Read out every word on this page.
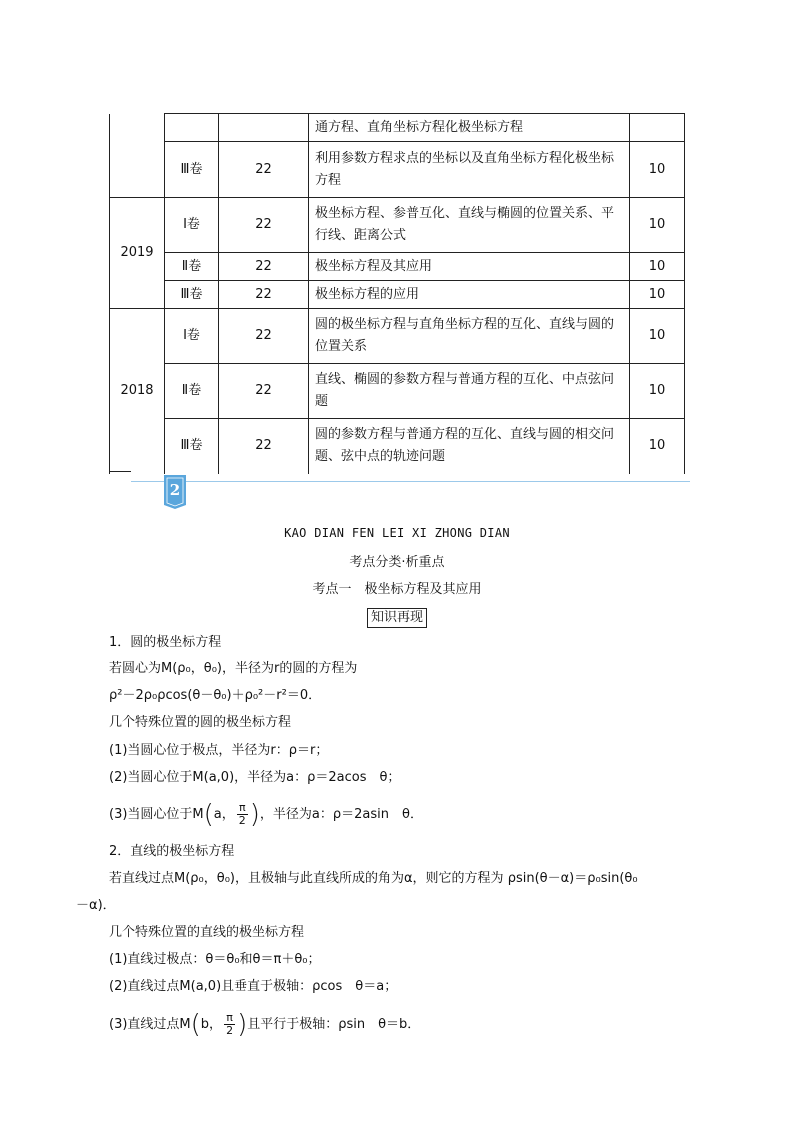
			通方程、直角坐标方程化极坐标方程	
	Ⅲ卷	22	利用参数方程求点的坐标以及直角坐标方程化极坐标方程	10
2019	Ⅰ卷	22	极坐标方程、参普互化、直线与椭圆的位置关系、平行线、距离公式	10
	Ⅱ卷	22	极坐标方程及其应用	10
	Ⅲ卷	22	极坐标方程的应用	10
2018	Ⅰ卷	22	圆的极坐标方程与直角坐标方程的互化、直线与圆的位置关系	10
	Ⅱ卷	22	直线、椭圆的参数方程与普通方程的互化、中点弦问题	10
	Ⅲ卷	22	圆的参数方程与普通方程的互化、直线与圆的相交问题、弦中点的轨迹问题	10
2
KAO DIAN FEN LEI XI ZHONG DIAN
考点分类·析重点
考点一　极坐标方程及其应用
知识再现
1．圆的极坐标方程
若圆心为M(ρ₀，θ₀)，半径为r的圆的方程为
ρ²－2ρ₀ρcos(θ－θ₀)＋ρ₀²－r²＝0．
几个特殊位置的圆的极坐标方程
(1)当圆心位于极点，半径为r：ρ＝r；
(2)当圆心位于M(a,0)，半径为a：ρ＝2acos　θ；
(3)当圆心位于M(a， $\frac{\pi}{2}$ )，半径为a：ρ＝2asin　θ．
2．直线的极坐标方程
若直线过点M(ρ₀，θ₀)，且极轴与此直线所成的角为α，则它的方程为 ρsin(θ－α)＝ρ₀sin(θ₀
－α)．
几个特殊位置的直线的极坐标方程
(1)直线过极点：θ＝θ₀和θ＝π＋θ₀；
(2)直线过点M(a,0)且垂直于极轴：ρcos　θ＝a；
(3)直线过点M(b， $\frac{\pi}{2}$ )且平行于极轴：ρsin　θ＝b．
